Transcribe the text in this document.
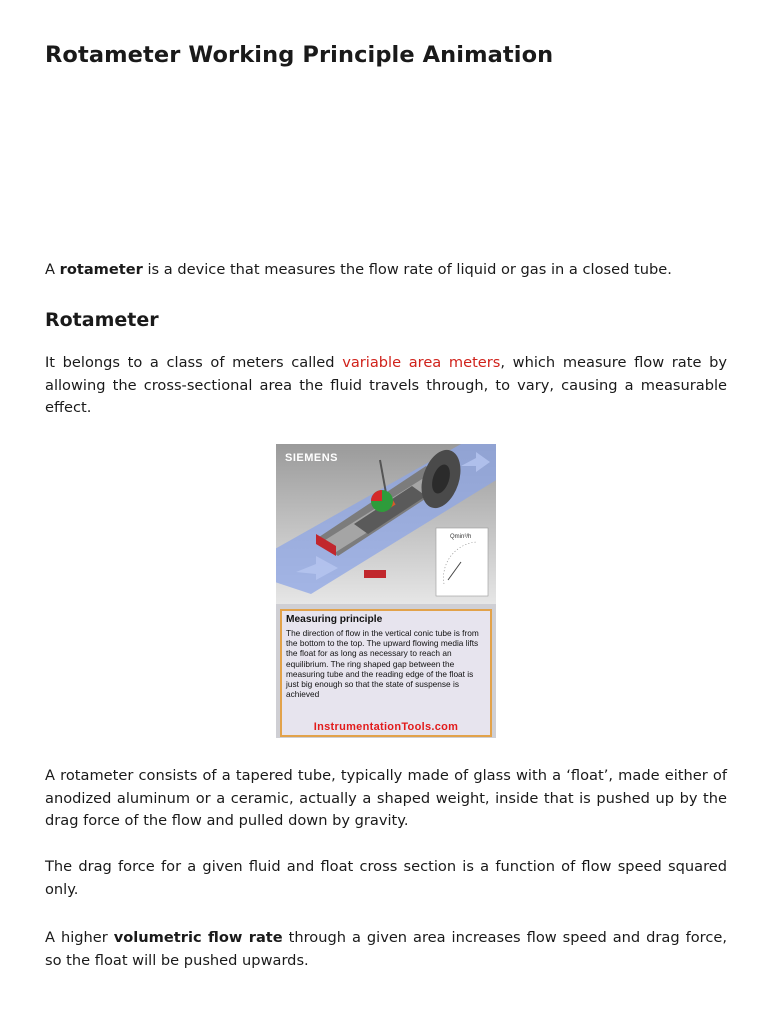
Rotameter Working Principle Animation

A rotameter is a device that measures the flow rate of liquid or gas in a closed tube.

Rotameter

It belongs to a class of meters called variable area meters, which measure flow rate by allowing the cross-sectional area the fluid travels through, to vary, causing a measurable effect.

A rotameter consists of a tapered tube, typically made of glass with a ‘float’, made either of anodized aluminum or a ceramic, actually a shaped weight, inside that is pushed up by the drag force of the flow and pulled down by gravity.

The drag force for a given fluid and float cross section is a function of flow speed squared only.

A higher volumetric flow rate through a given area increases flow speed and drag force, so the float will be pushed upwards.

SIEMENS
Qmin³/h
Measuring principle
The direction of flow in the vertical conic tube is from the bottom to the top. The upward flowing media lifts the float for as long as necessary to reach an equilibrium. The ring shaped gap between the measuring tube and the reading edge of the float is just big enough so that the state of suspense is achieved
InstrumentationTools.com
